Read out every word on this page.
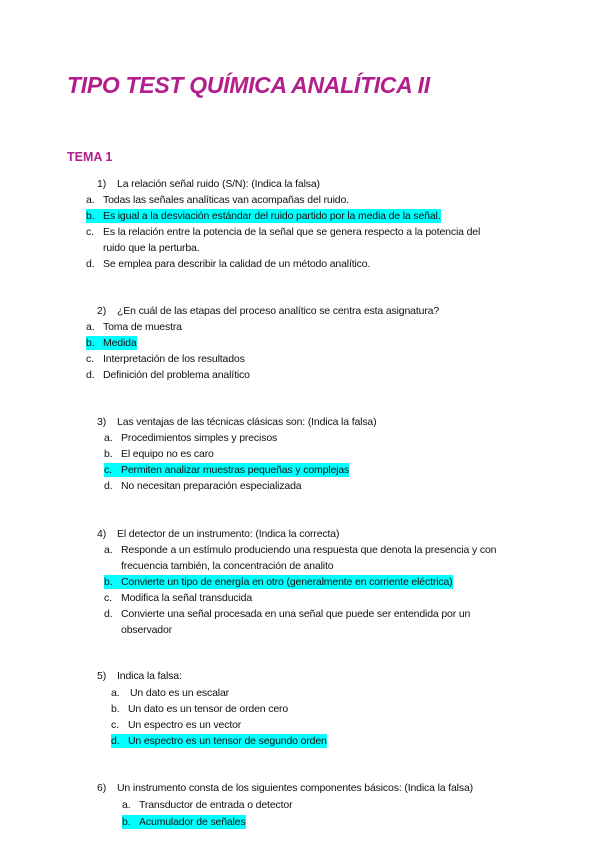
TIPO TEST QUÍMICA ANALÍTICA II
TEMA 1
1) La relación señal ruido (S/N): (Indica la falsa)
a. Todas las señales analíticas van acompañas del ruido.
b. Es igual a la desviación estándar del ruido partido por la media de la señal.
c. Es la relación entre la potencia de la señal que se genera respecto a la potencia del
ruido que la perturba.
d. Se emplea para describir la calidad de un método analítico.
2) ¿En cuál de las etapas del proceso analítico se centra esta asignatura?
a. Toma de muestra
b. Medida
c. Interpretación de los resultados
d. Definición del problema analítico
3) Las ventajas de las técnicas clásicas son: (Indica la falsa)
a. Procedimientos simples y precisos
b. El equipo no es caro
c. Permiten analizar muestras pequeñas y complejas
d. No necesitan preparación especializada
4) El detector de un instrumento: (Indica la correcta)
a. Responde a un estímulo produciendo una respuesta que denota la presencia y con
frecuencia también, la concentración de analito
b. Convierte un tipo de energía en otro (generalmente en corriente eléctrica)
c. Modifica la señal transducida
d. Convierte una señal procesada en una señal que puede ser entendida por un
observador
5) Indica la falsa:
a. Un dato es un escalar
b. Un dato es un tensor de orden cero
c. Un espectro es un vector
d. Un espectro es un tensor de segundo orden
6) Un instrumento consta de los siguientes componentes básicos: (Indica la falsa)
a. Transductor de entrada o detector
b. Acumulador de señales
